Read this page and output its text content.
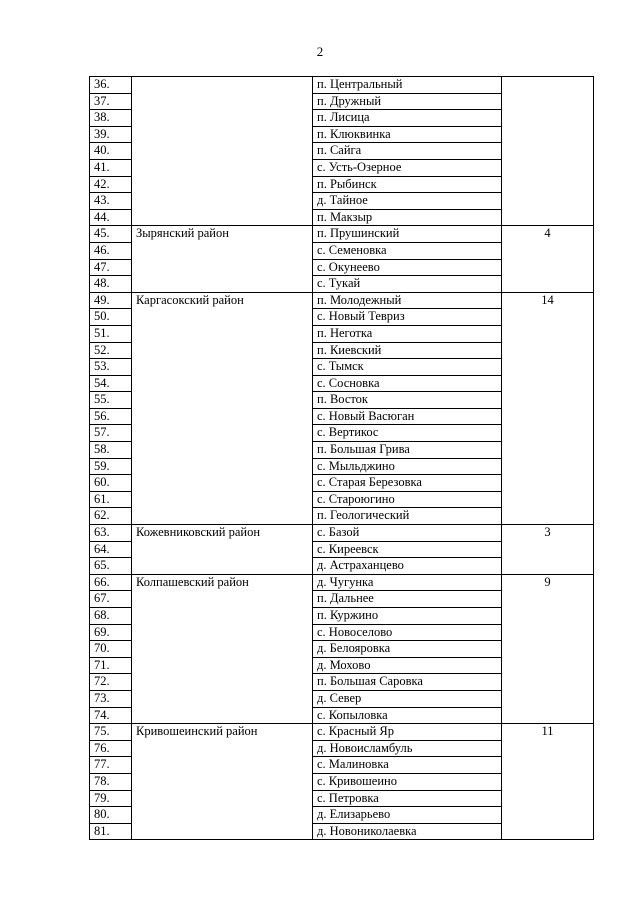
2
36.		п. Центральный	
37.		п. Дружный	
38.		п. Лисица	
39.		п. Клюквинка	
40.		п. Сайга	
41.		с. Усть-Озерное	
42.		п. Рыбинск	
43.		д. Тайное	
44.		п. Макзыр	
45.	Зырянский район	п. Прушинский	4
46.		с. Семеновка	
47.		с. Окунеево	
48.		с. Тукай	
49.	Каргасокский район	п. Молодежный	14
50.		с. Новый Тевриз	
51.		п. Неготка	
52.		п. Киевский	
53.		с. Тымск	
54.		с. Сосновка	
55.		п. Восток	
56.		с. Новый Васюган	
57.		с. Вертикос	
58.		п. Большая Грива	
59.		с. Мыльджино	
60.		с. Старая Березовка	
61.		с. Староюгино	
62.		п. Геологический	
63.	Кожевниковский район	с. Базой	3
64.		с. Киреевск	
65.		д. Астраханцево	
66.	Колпашевский район	д. Чугунка	9
67.		п. Дальнее	
68.		п. Куржино	
69.		с. Новоселово	
70.		д. Белояровка	
71.		д. Мохово	
72.		п. Большая Саровка	
73.		д. Север	
74.		с. Копыловка	
75.	Кривошеинский район	с. Красный Яр	11
76.		д. Новоисламбуль	
77.		с. Малиновка	
78.		с. Кривошеино	
79.		с. Петровка	
80.		д. Елизарьево	
81.		д. Новониколаевка	
